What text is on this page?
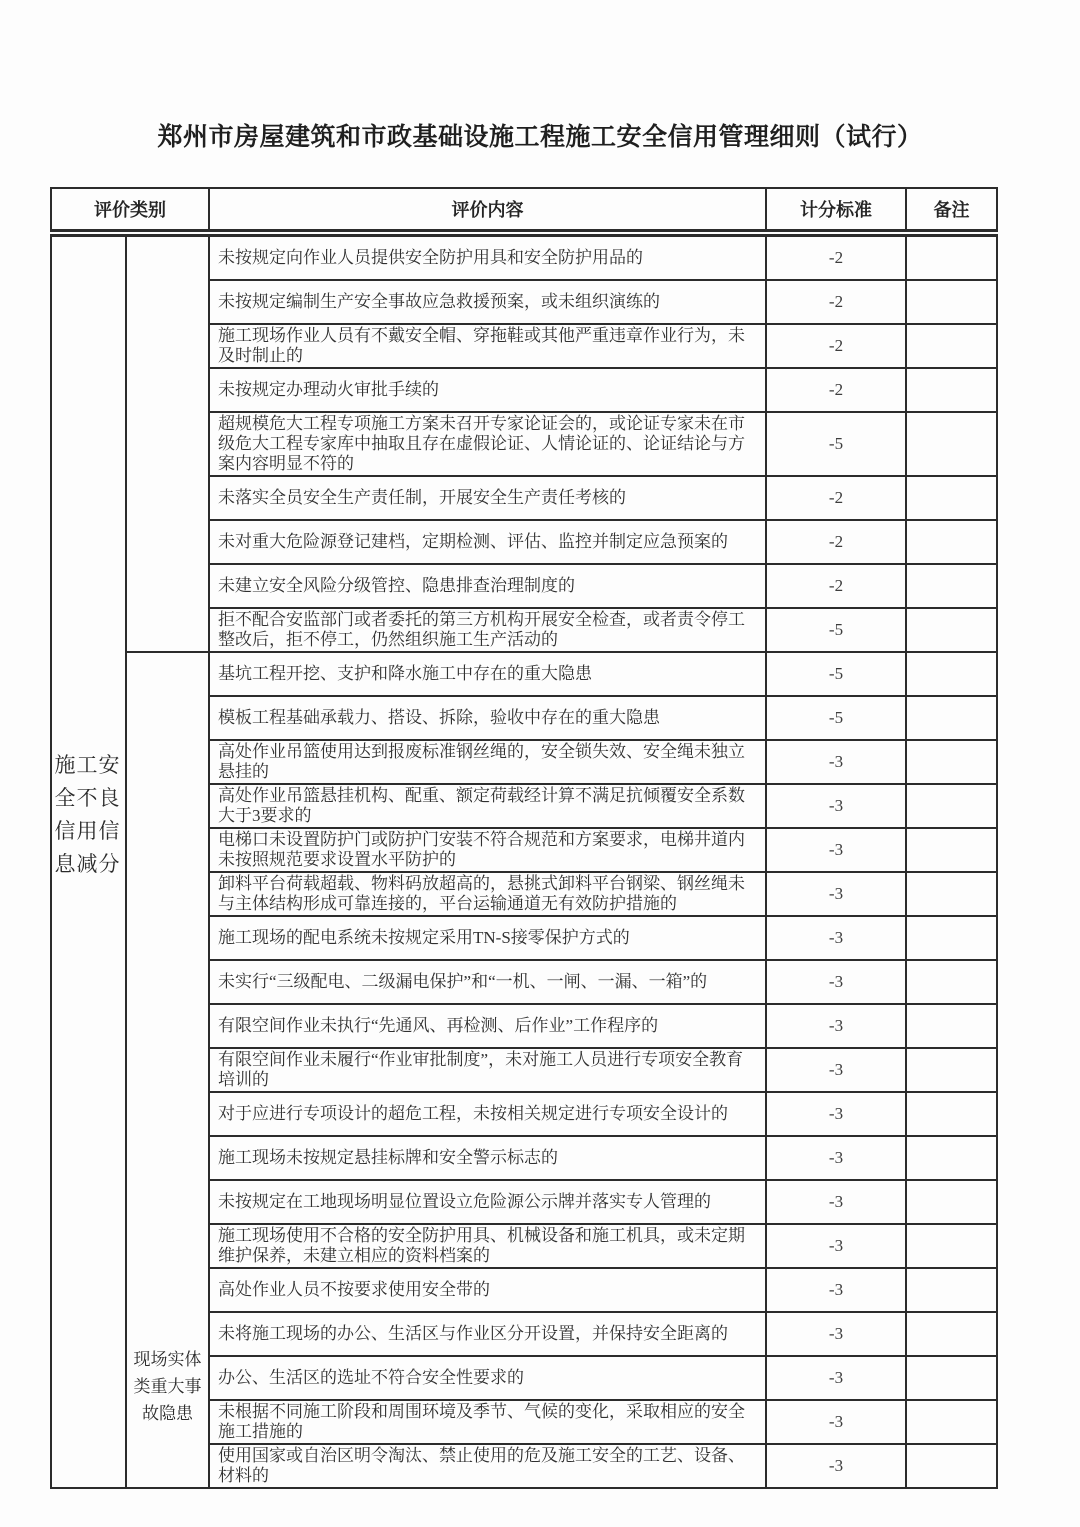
郑州市房屋建筑和市政基础设施工程施工安全信用管理细则（试行）
评价类别		评价内容	计分标准	备注

施工安全不良信用信息减分		未按规定向作业人员提供安全防护用具和安全防护用品的	-2	
		未按规定编制生产安全事故应急救援预案，或未组织演练的	-2	
		施工现场作业人员有不戴安全帽、穿拖鞋或其他严重违章作业行为，未及时制止的	-2	
		未按规定办理动火审批手续的	-2	
		超规模危大工程专项施工方案未召开专家论证会的，或论证专家未在市级危大工程专家库中抽取且存在虚假论证、人情论证的、论证结论与方案内容明显不符的	-5	
		未落实全员安全生产责任制，开展安全生产责任考核的	-2	
		未对重大危险源登记建档，定期检测、评估、监控并制定应急预案的	-2	
		未建立安全风险分级管控、隐患排查治理制度的	-2	
		拒不配合安监部门或者委托的第三方机构开展安全检查，或者责令停工整改后，拒不停工，仍然组织施工生产活动的	-5	

	现场实体类重大事故隐患	基坑工程开挖、支护和降水施工中存在的重大隐患	-5	
		模板工程基础承载力、搭设、拆除，验收中存在的重大隐患	-5	
		高处作业吊篮使用达到报废标准钢丝绳的，安全锁失效、安全绳未独立悬挂的	-3	
		高处作业吊篮悬挂机构、配重、额定荷载经计算不满足抗倾覆安全系数大于3要求的	-3	
		电梯口未设置防护门或防护门安装不符合规范和方案要求，电梯井道内未按照规范要求设置水平防护的	-3	
		卸料平台荷载超载、物料码放超高的，悬挑式卸料平台钢梁、钢丝绳未与主体结构形成可靠连接的，平台运输通道无有效防护措施的	-3	
		施工现场的配电系统未按规定采用TN-S接零保护方式的	-3	
		未实行“三级配电、二级漏电保护”和“一机、一闸、一漏、一箱”的	-3	
		有限空间作业未执行“先通风、再检测、后作业”工作程序的	-3	
		有限空间作业未履行“作业审批制度”，未对施工人员进行专项安全教育培训的	-3	
		对于应进行专项设计的超危工程，未按相关规定进行专项安全设计的	-3	
		施工现场未按规定悬挂标牌和安全警示标志的	-3	
		未按规定在工地现场明显位置设立危险源公示牌并落实专人管理的	-3	
		施工现场使用不合格的安全防护用具、机械设备和施工机具，或未定期维护保养，未建立相应的资料档案的	-3	
		高处作业人员不按要求使用安全带的	-3	
		未将施工现场的办公、生活区与作业区分开设置，并保持安全距离的	-3	
		办公、生活区的选址不符合安全性要求的	-3	
		未根据不同施工阶段和周围环境及季节、气候的变化，采取相应的安全施工措施的	-3	
		使用国家或自治区明令淘汰、禁止使用的危及施工安全的工艺、设备、材料的	-3	
